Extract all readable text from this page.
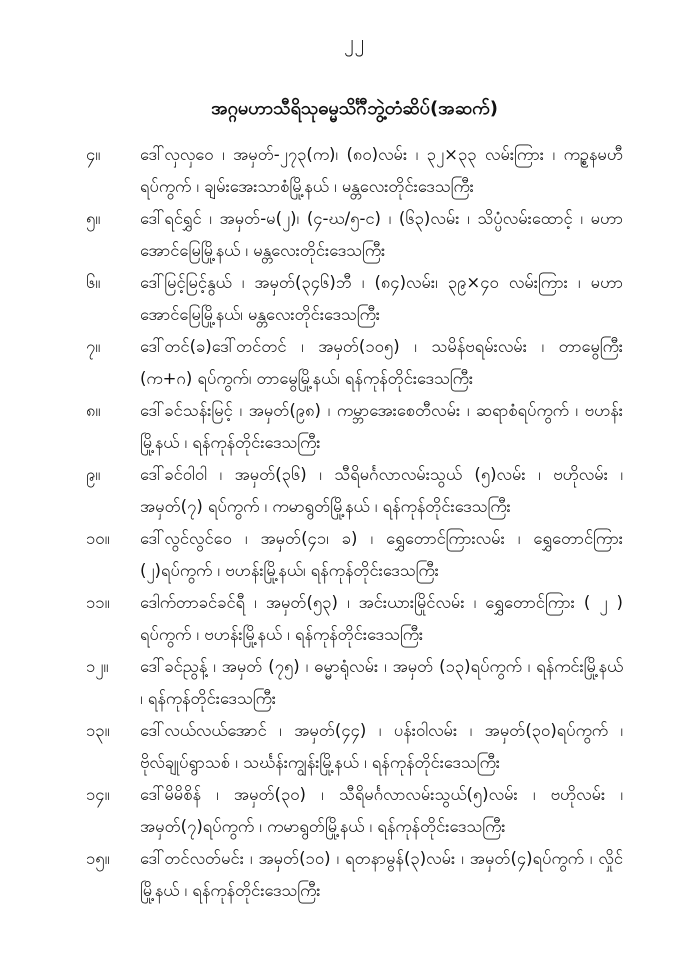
၂၂
အဂ္ဂမဟာသီရိသုဓမ္မသိင်္ဂီဘွဲ့တံဆိပ်(အဆက်)
၄။	ဒေါ်လှလှဝေ ၊ အမှတ်-၂၇၃(က)၊ (၈၀)လမ်း ၊ ၃၂×၃၃ လမ်းကြား ၊ ကဉ္စနမဟီရပ်ကွက် ၊ ချမ်းအေးသာစံမြို့နယ် ၊ မန္တလေးတိုင်းဒေသကြီး
၅။	ဒေါ်ရင်ရွှင် ၊ အမှတ်-မ(၂)၊ (၄-ဃ/၅-င) ၊ (၆၃)လမ်း ၊ သိပ္ပံလမ်းထောင့် ၊ မဟာအောင်မြေမြို့နယ် ၊ မန္တလေးတိုင်းဒေသကြီး
၆။	ဒေါ်မြင့်မြင့်နွယ် ၊ အမှတ်(၃၄၆)ဘီ ၊ (၈၄)လမ်း၊ ၃၉×၄၀ လမ်းကြား ၊ မဟာအောင်မြေမြို့နယ်၊ မန္တလေးတိုင်းဒေသကြီး
၇။	ဒေါ်တင်(ခ)ဒေါ်တင်တင် ၊ အမှတ်(၁၀၅) ၊ သမိန်ဗရမ်းလမ်း ၊ တာမွေကြီး (က+ဂ) ရပ်ကွက်၊ တာမွေမြို့နယ်၊ ရန်ကုန်တိုင်းဒေသကြီး
၈။	ဒေါ်ခင်သန်းမြင့် ၊ အမှတ်(၉၈) ၊ ကမ္ဘာအေးစေတီလမ်း ၊ ဆရာစံရပ်ကွက် ၊ ဗဟန်းမြို့နယ် ၊ ရန်ကုန်တိုင်းဒေသကြီး
၉။	ဒေါ်ခင်ဝါဝါ ၊ အမှတ်(၃၆) ၊ သီရိမင်္ဂလာလမ်းသွယ် (၅)လမ်း ၊ ဗဟိုလမ်း ၊ အမှတ်(၇) ရပ်ကွက် ၊ ကမာရွတ်မြို့နယ် ၊ ရန်ကုန်တိုင်းဒေသကြီး
၁၀။	ဒေါ်လွင်လွင်ဝေ ၊ အမှတ်(၄၁၊ ခ) ၊ ရွှေတောင်ကြားလမ်း ၊ ရွှေတောင်ကြား (၂)ရပ်ကွက် ၊ ဗဟန်းမြို့နယ်၊ ရန်ကုန်တိုင်းဒေသကြီး
၁၁။	ဒေါက်တာခင်ခင်ရီ ၊ အမှတ်(၅၃) ၊ အင်းယားမြိုင်လမ်း ၊ ရွှေတောင်ကြား ( ၂ ) ရပ်ကွက် ၊ ဗဟန်းမြို့နယ် ၊ ရန်ကုန်တိုင်းဒေသကြီး
၁၂။	ဒေါ်ခင်ညွန့် ၊ အမှတ် (၇၅) ၊ ဓမ္မာရုံလမ်း ၊ အမှတ် (၁၃)ရပ်ကွက် ၊ ရန်ကင်းမြို့နယ် ၊ ရန်ကုန်တိုင်းဒေသကြီး
၁၃။	ဒေါ်လယ်လယ်အောင် ၊ အမှတ်(၄၄) ၊ ပန်းဝါလမ်း ၊ အမှတ်(၃၀)ရပ်ကွက် ၊ ဗိုလ်ချုပ်ရွာသစ် ၊ သင်္ဃန်းကျွန်းမြို့နယ် ၊ ရန်ကုန်တိုင်းဒေသကြီး
၁၄။	ဒေါ်မိမိစိန် ၊ အမှတ်(၃၀) ၊ သီရိမင်္ဂလာလမ်းသွယ်(၅)လမ်း ၊ ဗဟိုလမ်း ၊ အမှတ်(၇)ရပ်ကွက် ၊ ကမာရွတ်မြို့နယ် ၊ ရန်ကုန်တိုင်းဒေသကြီး
၁၅။	ဒေါ်တင်လတ်မင်း ၊ အမှတ်(၁၀) ၊ ရတနာမွန်(၃)လမ်း ၊ အမှတ်(၄)ရပ်ကွက် ၊ လှိုင်မြို့နယ် ၊ ရန်ကုန်တိုင်းဒေသကြီး
